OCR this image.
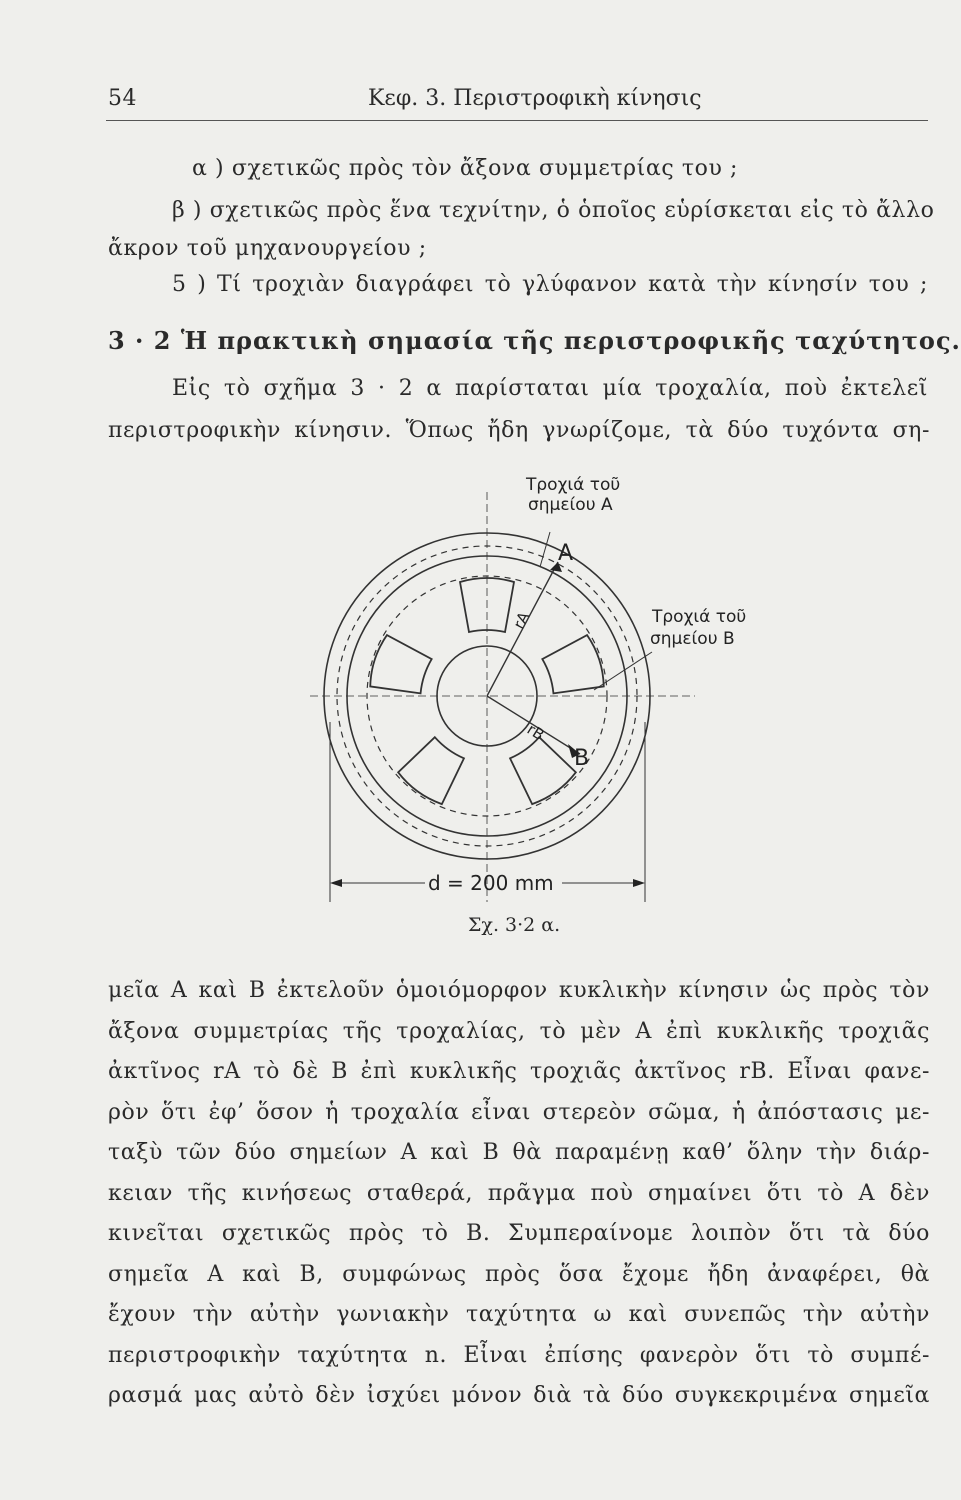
54	Κεφ. 3. Περιστροφικὴ κίνησις
α ) σχετικῶς πρὸς τὸν ἄξονα συμμετρίας του ;
β ) σχετικῶς πρὸς ἕνα τεχνίτην, ὁ ὁποῖος εὑρίσκεται εἰς τὸ ἄλλο
ἄκρον τοῦ μηχανουργείου ;
5 ) Τί τροχιὰν διαγράφει τὸ γλύφανον κατὰ τὴν κίνησίν του ;
3 · 2 Ἡ πρακτικὴ σημασία τῆς περιστροφικῆς ταχύτητος.
Εἰς τὸ σχῆμα 3 · 2 α παρίσταται μία τροχαλία, ποὺ ἐκτελεῖ
περιστροφικὴν κίνησιν. Ὅπως ἤδη γνωρίζομε, τὰ δύο τυχόντα ση-
Τροχιά τοῦ
σημείου Α
A
Τροχιά τοῦ
σημείου Β
B
rA
rB
d = 200 mm
Σχ. 3·2 α.
μεῖα Α καὶ Β ἐκτελοῦν ὁμοιόμορφον κυκλικὴν κίνησιν ὡς πρὸς τὸν
ἄξονα συμμετρίας τῆς τροχαλίας, τὸ μὲν Α ἐπὶ κυκλικῆς τροχιᾶς
ἀκτῖνος rA τὸ δὲ Β ἐπὶ κυκλικῆς τροχιᾶς ἀκτῖνος rB. Εἶναι φανε-
ρὸν ὅτι ἐφ’ ὅσον ἡ τροχαλία εἶναι στερεὸν σῶμα, ἡ ἀπόστασις με-
ταξὺ τῶν δύο σημείων Α καὶ Β θὰ παραμένῃ καθ’ ὅλην τὴν διάρ-
κειαν τῆς κινήσεως σταθερά, πρᾶγμα ποὺ σημαίνει ὅτι τὸ Α δὲν
κινεῖται σχετικῶς πρὸς τὸ Β. Συμπεραίνομε λοιπὸν ὅτι τὰ δύο
σημεῖα Α καὶ Β, συμφώνως πρὸς ὅσα ἔχομε ἤδη ἀναφέρει, θὰ
ἔχουν τὴν αὐτὴν γωνιακὴν ταχύτητα ω καὶ συνεπῶς τὴν αὐτὴν
περιστροφικὴν ταχύτητα n. Εἶναι ἐπίσης φανερὸν ὅτι τὸ συμπέ-
ρασμά μας αὐτὸ δὲν ἰσχύει μόνον διὰ τὰ δύο συγκεκριμένα σημεῖα
